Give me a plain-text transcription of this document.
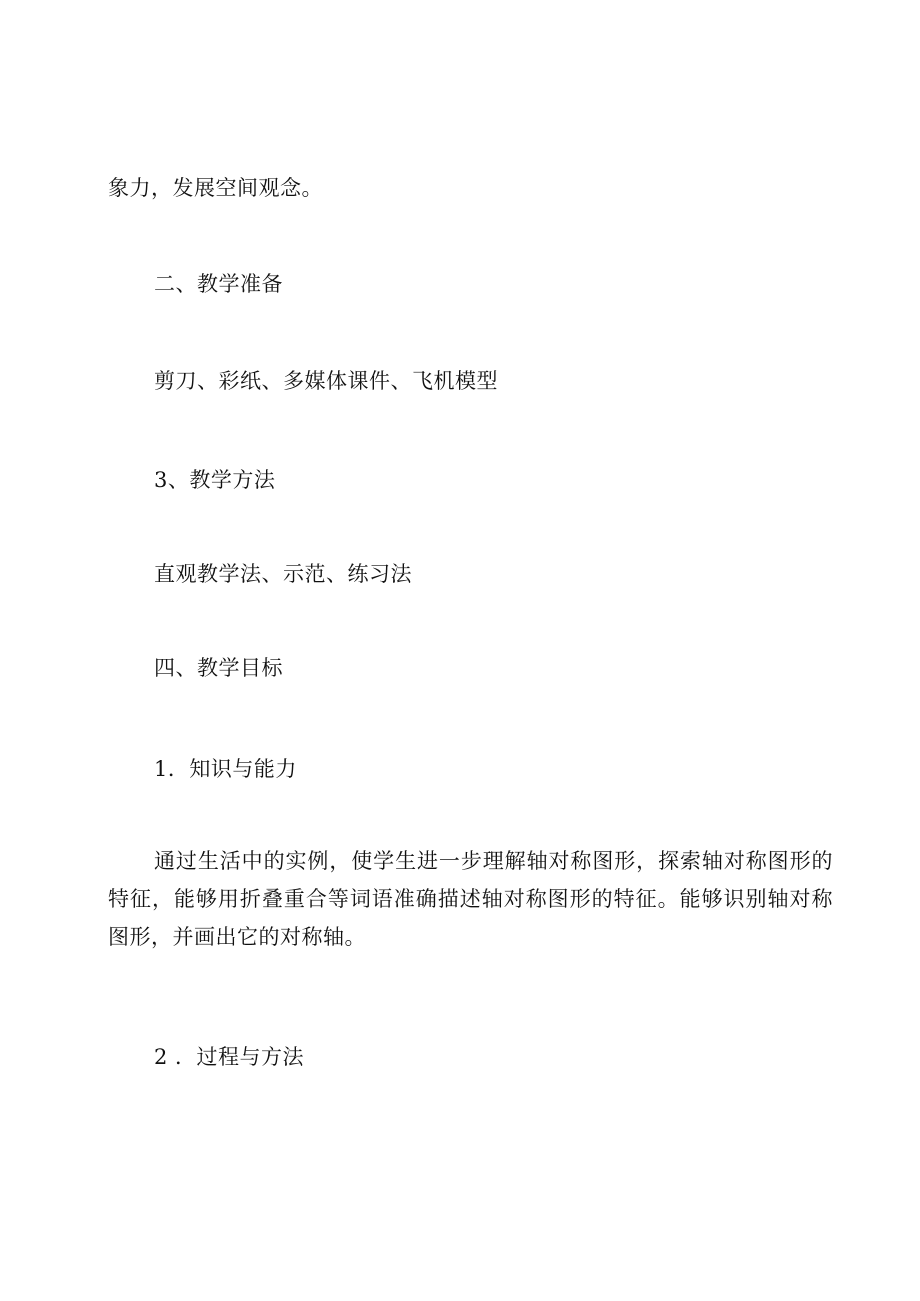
象力，发展空间观念。
二、教学准备
剪刀、彩纸、多媒体课件、飞机模型
3、教学方法
直观教学法、示范、练习法
四、教学目标
1．知识与能力
通过生活中的实例，使学生进一步理解轴对称图形，探索轴对称图形的特征，能够用折叠重合等词语准确描述轴对称图形的特征。能够识别轴对称图形，并画出它的对称轴。
2 ．过程与方法
